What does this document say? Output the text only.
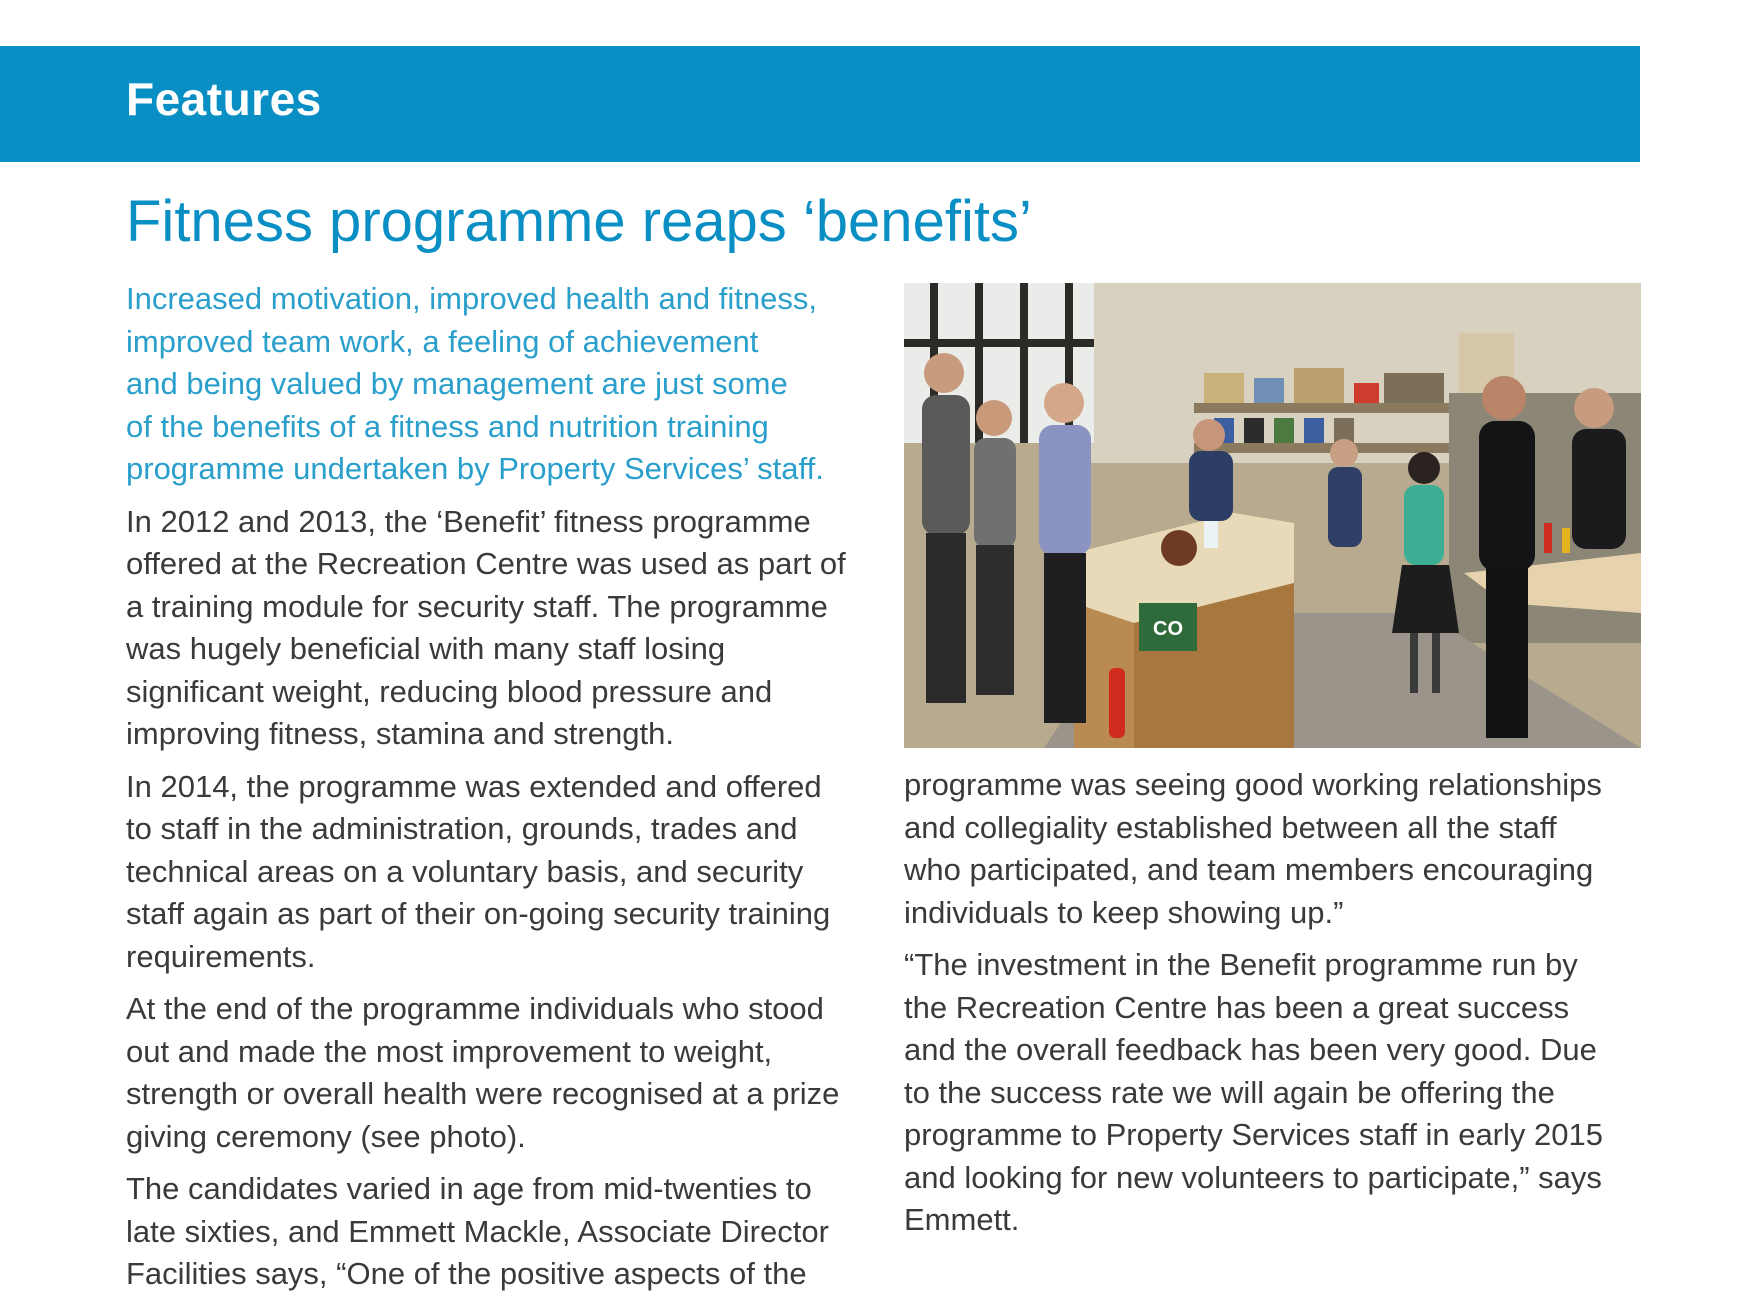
Features
Fitness programme reaps ‘benefits’

Increased motivation, improved health and fitness,
improved team work, a feeling of achievement
and being valued by management are just some
of the benefits of a fitness and nutrition training
programme undertaken by Property Services’ staff.

In 2012 and 2013, the ‘Benefit’ fitness programme
offered at the Recreation Centre was used as part of
a training module for security staff. The programme
was hugely beneficial with many staff losing
significant weight, reducing blood pressure and
improving fitness, stamina and strength.

In 2014, the programme was extended and offered
to staff in the administration, grounds, trades and
technical areas on a voluntary basis, and security
staff again as part of their on-going security training
requirements.

At the end of the programme individuals who stood
out and made the most improvement to weight,
strength or overall health were recognised at a prize
giving ceremony (see photo).

The candidates varied in age from mid-twenties to
late sixties, and Emmett Mackle, Associate Director
Facilities says, “One of the positive aspects of the

CO

programme was seeing good working relationships
and collegiality established between all the staff
who participated, and team members encouraging
individuals to keep showing up.”

“The investment in the Benefit programme run by
the Recreation Centre has been a great success
and the overall feedback has been very good. Due
to the success rate we will again be offering the
programme to Property Services staff in early 2015
and looking for new volunteers to participate,” says
Emmett.
